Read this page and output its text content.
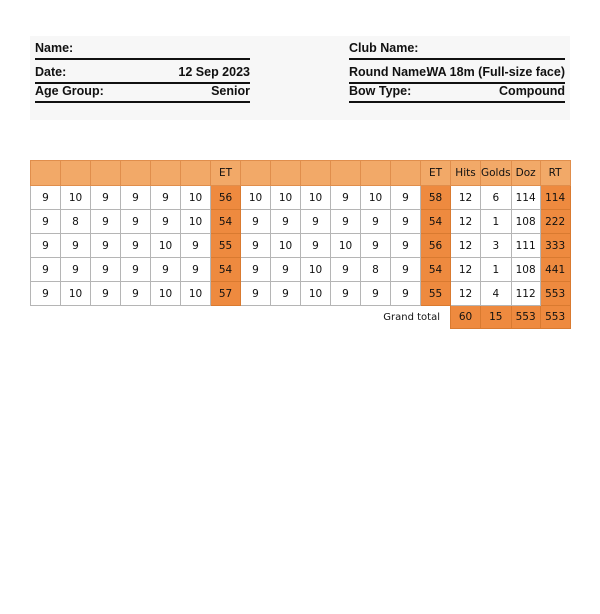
Name:
Date:	12 Sep 2023
Age Group:	Senior
Club Name:
Round Name:
WA 18m (Full-size face)
Bow Type:	Compound
						ET							ET	Hits	Golds	Doz	RT
9	10	9	9	9	10	56	10	10	10	9	10	9	58	12	6	114	114
9	8	9	9	9	10	54	9	9	9	9	9	9	54	12	1	108	222
9	9	9	9	10	9	55	9	10	9	10	9	9	56	12	3	111	333
9	9	9	9	9	9	54	9	9	10	9	8	9	54	12	1	108	441
9	10	9	9	10	10	57	9	9	10	9	9	9	55	12	4	112	553
Grand total														60	15	553	553
